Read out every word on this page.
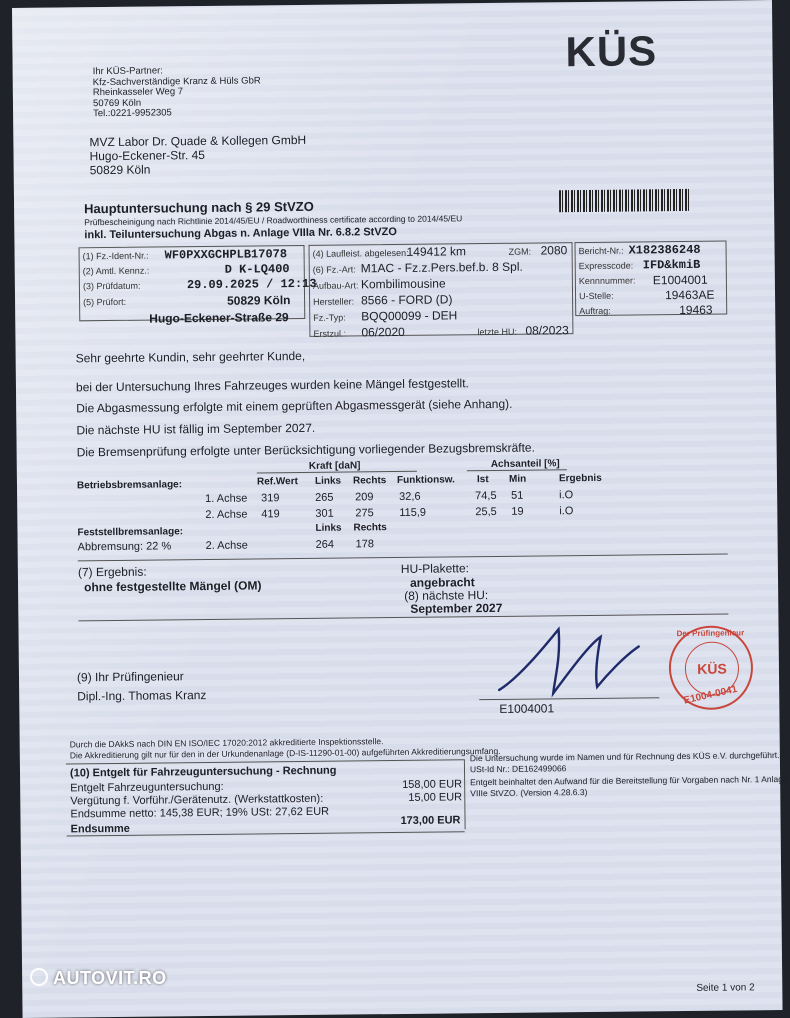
KÜS
Ihr KÜS-Partner:
Kfz-Sachverständige Kranz & Hüls GbR
Rheinkasseler Weg 7
50769 Köln
Tel.:0221-9952305
MVZ Labor Dr. Quade & Kollegen GmbH
Hugo-Eckener-Str. 45
50829 Köln
Hauptuntersuchung nach § 29 StVZO
Prüfbescheinigung nach Richtlinie 2014/45/EU / Roadworthiness certificate according to 2014/45/EU
inkl. Teiluntersuchung Abgas n. Anlage VIIIa Nr. 6.8.2 StVZO
(1) Fz.-Ident-Nr.: WF0PXXGCHPLB17078
(2) Amtl. Kennz.:	D K-LQ400
(3) Prüfdatum:	29.09.2025 / 12:13
(5) Prüfort:	50829 Köln
Hugo-Eckener-Straße 29
(4) Laufleist. abgelesen:
149412 km	ZGM: 2080
(6) Fz.-Art: M1AC - Fz.z.Pers.bef.b. 8 Spl.
Aufbau-Art: Kombilimousine
Hersteller: 8566 - FORD (D)
Fz.-Typ: BQQ00099 - DEH
Erstzul.: 06/2020	letzte HU: 08/2023
Bericht-Nr.: X182386248
Expresscode: IFD&kmiB
Kennnummer: E1004001
U-Stelle:	19463AE
Auftrag:	19463
Sehr geehrte Kundin, sehr geehrter Kunde,
bei der Untersuchung Ihres Fahrzeuges wurden keine Mängel festgestellt.
Die Abgasmessung erfolgte mit einem geprüften Abgasmessgerät (siehe Anhang).
Die nächste HU ist fällig im September 2027.
Die Bremsenprüfung erfolgte unter Berücksichtigung vorliegender Bezugsbremskräfte.
Kraft [daN]	Achsanteil [%]
Betriebsbremsanlage:	Ref.Wert Links Rechts Funktionsw. Ist Min	Ergebnis
1. Achse 319	265 209 32,6	74,5 51	i.O
2. Achse 419	301 275 115,9	25,5 19	i.O
Feststellbremsanlage:	Links Rechts
Abbremsung: 22 %	2. Achse	264 178
(7) Ergebnis:
ohne festgestellte Mängel (OM)
HU-Plakette:
angebracht
(8) nächste HU:
September 2027
(9) Ihr Prüfingenieur
Dipl.-Ing. Thomas Kranz
E1004001
Der Prüfingenieur
KÜS
E1004-0041
Durch die DAkkS nach DIN EN ISO/IEC 17020:2012 akkreditierte Inspektionsstelle.
Die Akkreditierung gilt nur für den in der Urkundenanlage (D-IS-11290-01-00) aufgeführten Akkreditierungsumfang.
(10) Entgelt für Fahrzeuguntersuchung - Rechnung
Entgelt Fahrzeuguntersuchung:	158,00 EUR
Vergütung f. Vorführ./Gerätenutz. (Werkstattkosten):	15,00 EUR
Endsumme netto: 145,38 EUR; 19% USt: 27,62 EUR
Endsumme
173,00 EUR
Die Untersuchung wurde im Namen und für Rechnung des KÜS e.V. durchgeführt.
USt-Id Nr.: DE162499066
Entgelt beinhaltet den Aufwand für die Bereitstellung für Vorgaben nach Nr. 1 Anlage
VIIIe StVZO. (Version 4.28.6.3)
Seite 1 von 2
AUTOVIT.RO
